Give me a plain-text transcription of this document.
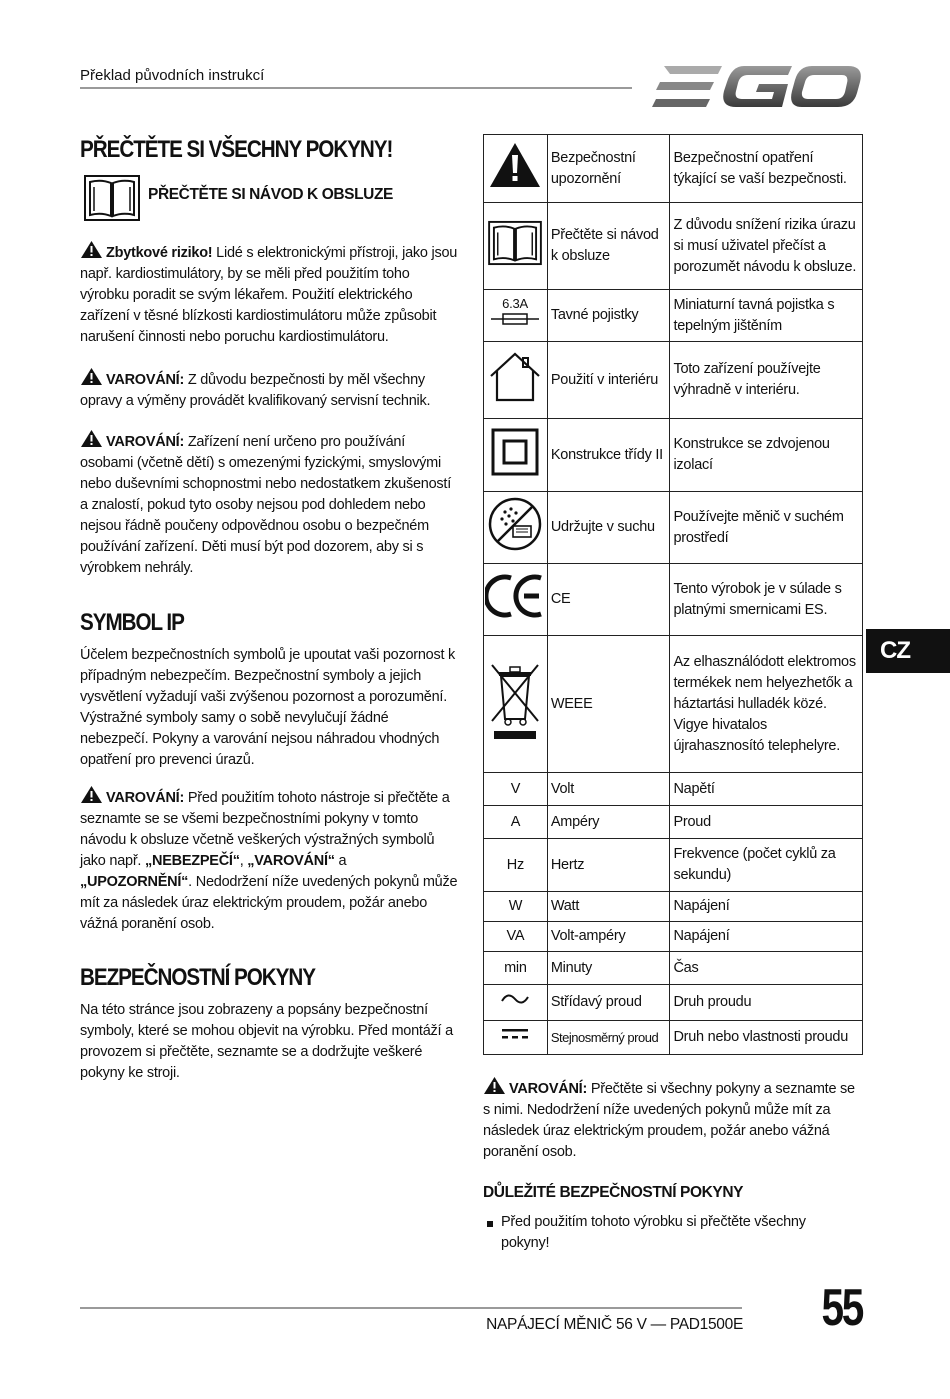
Překlad původních instrukcí
PŘEČTĚTE SI VŠECHNY POKYNY!
PŘEČTĚTE SI NÁVOD K OBSLUZE
Zbytkové riziko! Lidé s elektronickými přístroji, jako jsou např. kardiostimulátory, by se měli před použitím toho výrobku poradit se svým lékařem. Použití elektrického zařízení v těsné blízkosti kardiostimulátoru může způsobit narušení činnosti nebo poruchu kardiostimulátoru.
VAROVÁNÍ: Z důvodu bezpečnosti by měl všechny opravy a výměny provádět kvalifikovaný servisní technik.
VAROVÁNÍ: Zařízení není určeno pro používání osobami (včetně dětí) s omezenými fyzickými, smyslovými nebo duševními schopnostmi nebo nedostatkem zkušeností a znalostí, pokud tyto osoby nejsou pod dohledem nebo nejsou řádně poučeny odpovědnou osobu o bezpečném používání zařízení. Děti musí být pod dozorem, aby si s výrobkem nehrály.
SYMBOL IP
Účelem bezpečnostních symbolů je upoutat vaši pozornost k případným nebezpečím. Bezpečnostní symboly a jejich vysvětlení vyžadují vaši zvýšenou pozornost a porozumění. Výstražné symboly samy o sobě nevylučují žádné nebezpečí. Pokyny a varování nejsou náhradou vhodných opatření pro prevenci úrazů.
VAROVÁNÍ: Před použitím tohoto nástroje si přečtěte a seznamte se se všemi bezpečnostními pokyny v tomto návodu k obsluze včetně veškerých výstražných symbolů jako např. „NEBEZPEČÍ“, „VAROVÁNÍ“ a „UPOZORNĚNÍ“. Nedodržení níže uvedených pokynů může mít za následek úraz elektrickým proudem, požár anebo vážná poranění osob.
BEZPEČNOSTNÍ POKYNY
Na této stránce jsou zobrazeny a popsány bezpečnostní symboly, které se mohou objevit na výrobku. Před montáží a provozem si přečtěte, seznamte se a dodržujte veškeré pokyny ke stroji.
	Bezpečnostní upozornění	Bezpečnostní opatření týkající se vaší bezpečnosti.
	Přečtěte si návod k obsluze	Z důvodu snížení rizika úrazu si musí uživatel přečíst a porozumět návodu k obsluze.

6.3A	Tavné pojistky	Miniaturní tavná pojistka s tepelným jištěním
	Použití v interiéru	Toto zařízení používejte výhradně v interiéru.
	Konstrukce třídy II	Konstrukce se zdvojenou izolací
	Udržujte v suchu	Používejte měnič v suchém prostředí
	CE	Tento výrobok je v súlade s platnými smernicami ES.
	WEEE	Az elhasználódott elektromos termékek nem helyezhetők a háztartási hulladék közé. Vigye hivatalos újrahasznosító telephelyre.
V	Volt	Napětí
A	Ampéry	Proud
Hz	Hertz	Frekvence (počet cyklů za sekundu)
W	Watt	Napájení
VA	Volt-ampéry	Napájení
min	Minuty	Čas
	Střídavý proud	Druh proudu
	Stejnosměrný proud	Druh nebo vlastnosti proudu
CZ
VAROVÁNÍ: Přečtěte si všechny pokyny a seznamte se s nimi. Nedodržení níže uvedených pokynů může mít za následek úraz elektrickým proudem, požár anebo vážná poranění osob.
DŮLEŽITÉ BEZPEČNOSTNÍ POKYNY
Před použitím tohoto výrobku si přečtěte všechny pokyny!
NAPÁJECÍ MĚNIČ 56 V — PAD1500E	55
